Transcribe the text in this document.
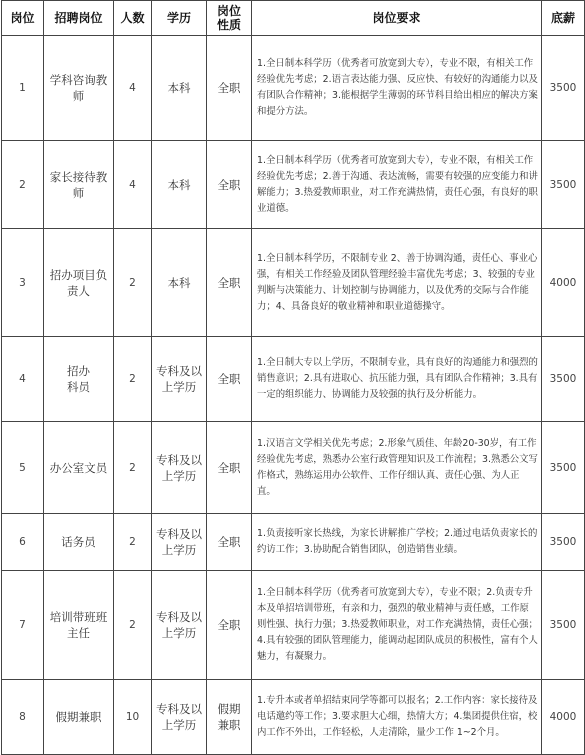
岗位	招聘岗位	人数	学历	岗位性质	岗位要求	底薪
1	学科咨询教师	4	本科	全职	1.全日制本科学历（优秀者可放宽到大专），专业不限，有相关工作经验优先考虑；2.语言表达能力强、反应快、有较好的沟通能力以及有团队合作精神；3.能根据学生薄弱的环节科目给出相应的解决方案和提分方法。	3500
2	家长接待教师	4	本科	全职	1.全日制本科学历（优秀者可放宽到大专），专业不限，有相关工作经验优先考虑；2.善于沟通、表达流畅，需要有较强的应变能力和讲解能力；3.热爱教师职业，对工作充满热情，责任心强，有良好的职业道德。	3500
3	招办项目负责人	2	本科	全职	1.全日制本科学历，不限制专业 2、善于协调沟通，责任心、事业心强，有相关工作经验及团队管理经验丰富优先考虑；3、较强的专业判断与决策能力、计划控制与协调能力，以及优秀的交际与合作能力；4、具备良好的敬业精神和职业道德操守。	4000
4	招办科员	2	专科及以上学历	全职	1.全日制大专以上学历，不限制专业，具有良好的沟通能力和强烈的销售意识；2.具有进取心、抗压能力强，具有团队合作精神；3.具有一定的组织能力、协调能力及较强的执行及分析能力。	3500
5	办公室文员	2	专科及以上学历	全职	1.汉语言文学相关优先考虑；2.形象气质佳、年龄20-30岁，有工作经验优先考虑，熟悉办公室行政管理知识及工作流程；3.熟悉公文写作格式，熟练运用办公软件、工作仔细认真、责任心强、为人正直。	3500
6	话务员	2	专科及以上学历	全职	1.负责接听家长热线，为家长讲解推广学校；2.通过电话负责家长的约访工作；3.协助配合销售团队，创造销售业绩。	3500
7	培训带班班主任	2	专科及以上学历	全职	1.全日制本科学历（优秀者可放宽到大专），专业不限；2.负责专升本及单招培训带班，有亲和力，强烈的敬业精神与责任感，工作原则性强、执行力强；3.热爱教师职业，对工作充满热情，责任心强；4.具有较强的团队管理能力，能调动起团队成员的积极性，富有个人魅力，有凝聚力。	3500
8	假期兼职	10	专科及以上学历	假期兼职	1.专升本或者单招结束同学等都可以报名；2.工作内容：家长接待及电话邀约等工作；3.要求胆大心细，热情大方；4.集团提供住宿，校内工作不外出，工作轻松，人走清除，量少工作 1~2个月。	4000
